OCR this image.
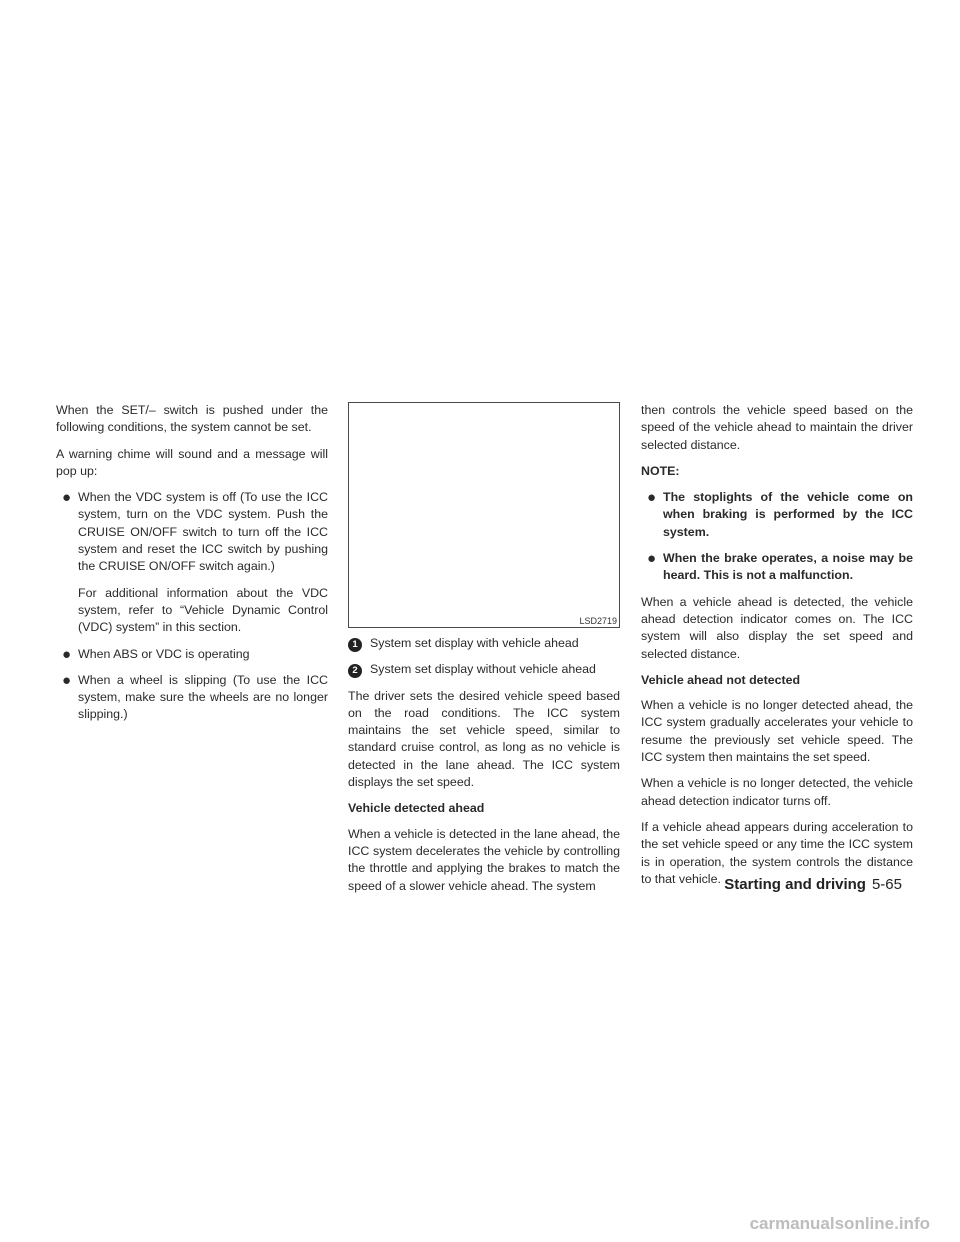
When the SET/– switch is pushed under the following conditions, the system cannot be set.

A warning chime will sound and a message will pop up:

● When the VDC system is off (To use the ICC system, turn on the VDC system. Push the CRUISE ON/OFF switch to turn off the ICC system and reset the ICC switch by pushing the CRUISE ON/OFF switch again.)

For additional information about the VDC system, refer to “Vehicle Dynamic Control (VDC) system” in this section.

● When ABS or VDC is operating
● When a wheel is slipping (To use the ICC system, make sure the wheels are no longer slipping.)
LSD2719
1 System set display with vehicle ahead
2 System set display without vehicle ahead

The driver sets the desired vehicle speed based on the road conditions. The ICC system maintains the set vehicle speed, similar to standard cruise control, as long as no vehicle is detected in the lane ahead. The ICC system displays the set speed.

Vehicle detected ahead

When a vehicle is detected in the lane ahead, the ICC system decelerates the vehicle by controlling the throttle and applying the brakes to match the speed of a slower vehicle ahead. The system

then controls the vehicle speed based on the speed of the vehicle ahead to maintain the driver selected distance.

NOTE:
● The stoplights of the vehicle come on when braking is performed by the ICC system.
● When the brake operates, a noise may be heard. This is not a malfunction.

When a vehicle ahead is detected, the vehicle ahead detection indicator comes on. The ICC system will also display the set speed and selected distance.

Vehicle ahead not detected

When a vehicle is no longer detected ahead, the ICC system gradually accelerates your vehicle to resume the previously set vehicle speed. The ICC system then maintains the set speed.

When a vehicle is no longer detected, the vehicle ahead detection indicator turns off.

If a vehicle ahead appears during acceleration to the set vehicle speed or any time the ICC system is in operation, the system controls the distance to that vehicle. Starting and driving 5-65
carmanualsonline.info
